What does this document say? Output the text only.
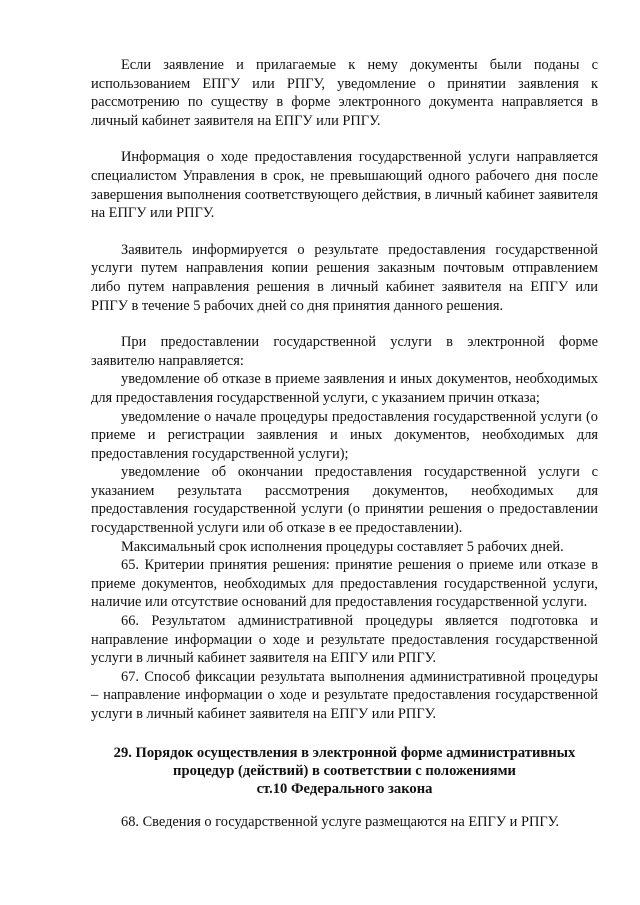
Если заявление и прилагаемые к нему документы были поданы с использованием ЕПГУ или РПГУ, уведомление о принятии заявления к рассмотрению по существу в форме электронного документа направляется в личный кабинет заявителя на ЕПГУ или РПГУ.

Информация о ходе предоставления государственной услуги направляется специалистом Управления в срок, не превышающий одного рабочего дня после завершения выполнения соответствующего действия, в личный кабинет заявителя на ЕПГУ или РПГУ.

Заявитель информируется о результате предоставления государственной услуги путем направления копии решения заказным почтовым отправлением либо путем направления решения в личный кабинет заявителя на ЕПГУ или РПГУ в течение 5 рабочих дней со дня принятия данного решения.

При предоставлении государственной услуги в электронной форме заявителю направляется:

уведомление об отказе в приеме заявления и иных документов, необходимых для предоставления государственной услуги, с указанием причин отказа;

уведомление о начале процедуры предоставления государственной услуги (о приеме и регистрации заявления и иных документов, необходимых для предоставления государственной услуги);

уведомление об окончании предоставления государственной услуги с указанием результата рассмотрения документов, необходимых для предоставления государственной услуги (о принятии решения о предоставлении государственной услуги или об отказе в ее предоставлении).

Максимальный срок исполнения процедуры составляет 5 рабочих дней.

65. Критерии принятия решения: принятие решения о приеме или отказе в приеме документов, необходимых для предоставления государственной услуги, наличие или отсутствие оснований для предоставления государственной услуги.

66. Результатом административной процедуры является подготовка и направление информации о ходе и результате предоставления государственной услуги в личный кабинет заявителя на ЕПГУ или РПГУ.

67. Способ фиксации результата выполнения административной процедуры – направление информации о ходе и результате предоставления государственной услуги в личный кабинет заявителя на ЕПГУ или РПГУ.

29. Порядок осуществления в электронной форме административных
процедур (действий) в соответствии с положениями
ст.10 Федерального закона

68. Сведения о государственной услуге размещаются на ЕПГУ и РПГУ.
